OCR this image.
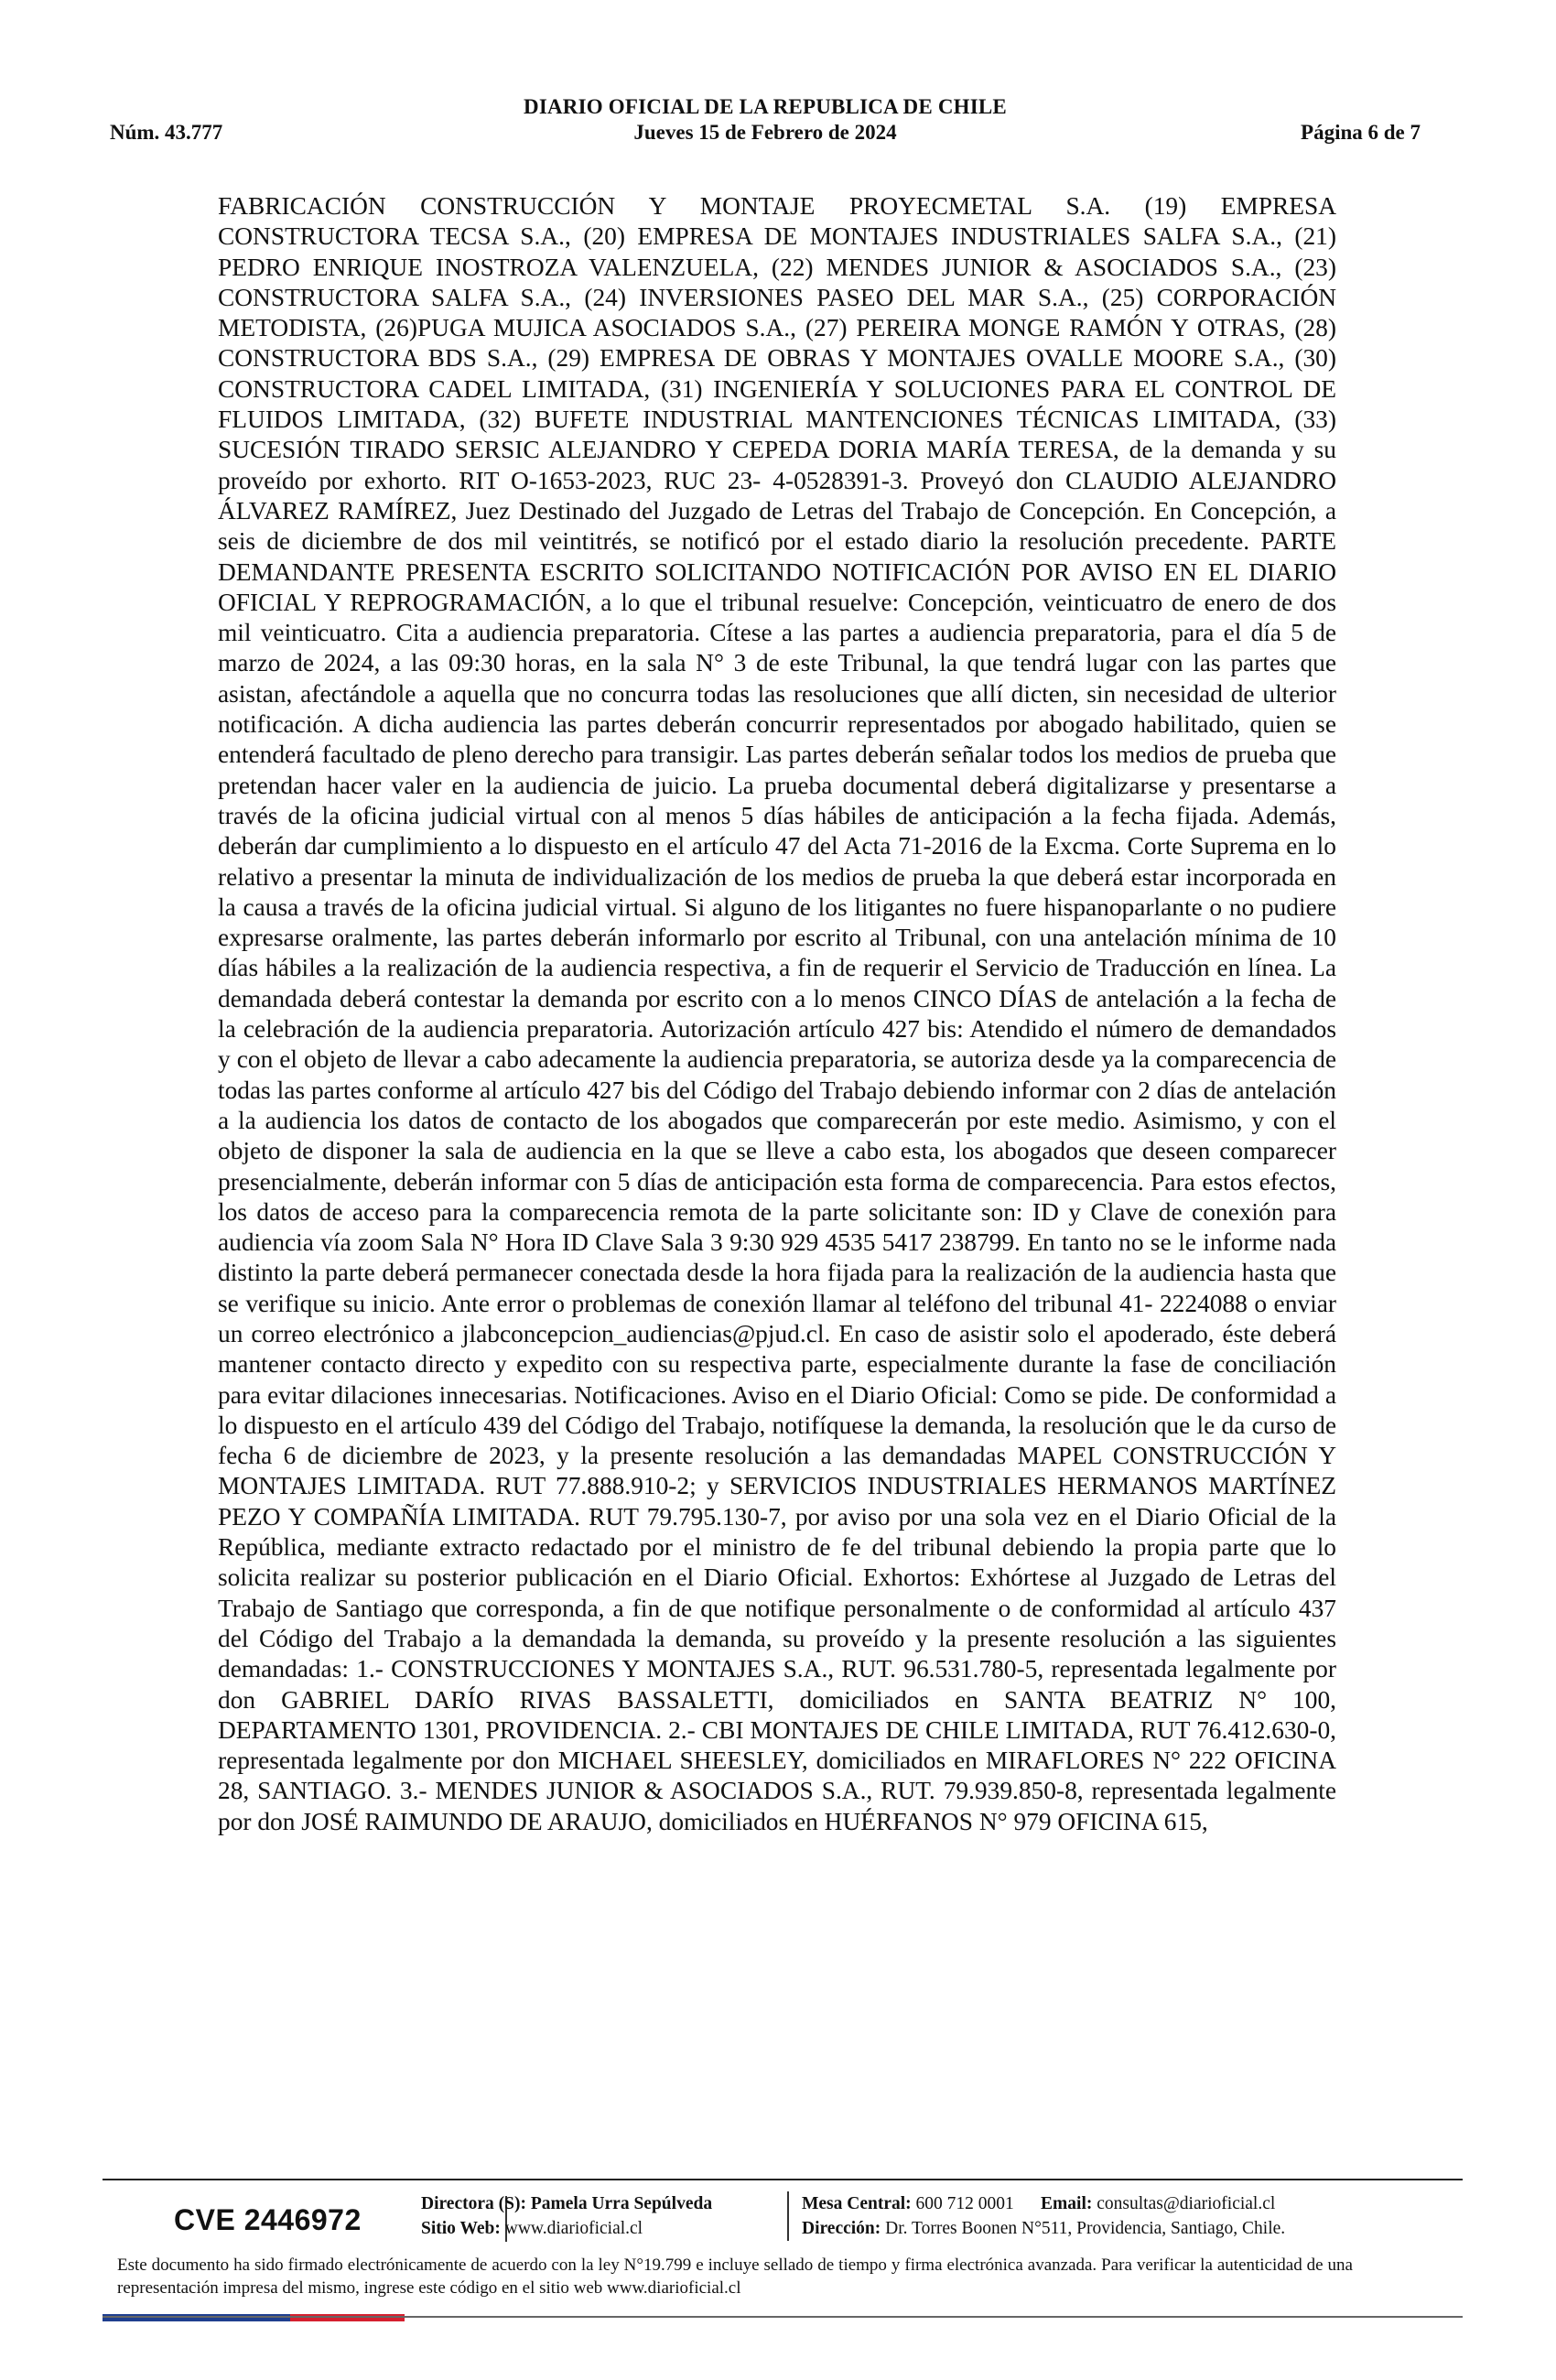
DIARIO OFICIAL DE LA REPUBLICA DE CHILE
Núm. 43.777	Jueves 15 de Febrero de 2024	Página 6 de 7

FABRICACIÓN CONSTRUCCIÓN Y MONTAJE PROYECMETAL S.A. (19) EMPRESA CONSTRUCTORA TECSA S.A., (20) EMPRESA DE MONTAJES INDUSTRIALES SALFA S.A., (21) PEDRO ENRIQUE INOSTROZA VALENZUELA, (22) MENDES JUNIOR & ASOCIADOS S.A., (23) CONSTRUCTORA SALFA S.A., (24) INVERSIONES PASEO DEL MAR S.A., (25) CORPORACIÓN METODISTA, (26)PUGA MUJICA ASOCIADOS S.A., (27) PEREIRA MONGE RAMÓN Y OTRAS, (28) CONSTRUCTORA BDS S.A., (29) EMPRESA DE OBRAS Y MONTAJES OVALLE MOORE S.A., (30) CONSTRUCTORA CADEL LIMITADA, (31) INGENIERÍA Y SOLUCIONES PARA EL CONTROL DE FLUIDOS LIMITADA, (32) BUFETE INDUSTRIAL MANTENCIONES TÉCNICAS LIMITADA, (33) SUCESIÓN TIRADO SERSIC ALEJANDRO Y CEPEDA DORIA MARÍA TERESA, de la demanda y su proveído por exhorto. RIT O-1653-2023, RUC 23- 4-0528391-3. Proveyó don CLAUDIO ALEJANDRO ÁLVAREZ RAMÍREZ, Juez Destinado del Juzgado de Letras del Trabajo de Concepción. En Concepción, a seis de diciembre de dos mil veintitrés, se notificó por el estado diario la resolución precedente. PARTE DEMANDANTE PRESENTA ESCRITO SOLICITANDO NOTIFICACIÓN POR AVISO EN EL DIARIO OFICIAL Y REPROGRAMACIÓN, a lo que el tribunal resuelve: Concepción, veinticuatro de enero de dos mil veinticuatro. Cita a audiencia preparatoria. Cítese a las partes a audiencia preparatoria, para el día 5 de marzo de 2024, a las 09:30 horas, en la sala N° 3 de este Tribunal, la que tendrá lugar con las partes que asistan, afectándole a aquella que no concurra todas las resoluciones que allí dicten, sin necesidad de ulterior notificación. A dicha audiencia las partes deberán concurrir representados por abogado habilitado, quien se entenderá facultado de pleno derecho para transigir. Las partes deberán señalar todos los medios de prueba que pretendan hacer valer en la audiencia de juicio. La prueba documental deberá digitalizarse y presentarse a través de la oficina judicial virtual con al menos 5 días hábiles de anticipación a la fecha fijada. Además, deberán dar cumplimiento a lo dispuesto en el artículo 47 del Acta 71-2016 de la Excma. Corte Suprema en lo relativo a presentar la minuta de individualización de los medios de prueba la que deberá estar incorporada en la causa a través de la oficina judicial virtual. Si alguno de los litigantes no fuere hispanoparlante o no pudiere expresarse oralmente, las partes deberán informarlo por escrito al Tribunal, con una antelación mínima de 10 días hábiles a la realización de la audiencia respectiva, a fin de requerir el Servicio de Traducción en línea. La demandada deberá contestar la demanda por escrito con a lo menos CINCO DÍAS de antelación a la fecha de la celebración de la audiencia preparatoria. Autorización artículo 427 bis: Atendido el número de demandados y con el objeto de llevar a cabo adecamente la audiencia preparatoria, se autoriza desde ya la comparecencia de todas las partes conforme al artículo 427 bis del Código del Trabajo debiendo informar con 2 días de antelación a la audiencia los datos de contacto de los abogados que comparecerán por este medio. Asimismo, y con el objeto de disponer la sala de audiencia en la que se lleve a cabo esta, los abogados que deseen comparecer presencialmente, deberán informar con 5 días de anticipación esta forma de comparecencia. Para estos efectos, los datos de acceso para la comparecencia remota de la parte solicitante son: ID y Clave de conexión para audiencia vía zoom Sala N° Hora ID Clave Sala 3 9:30 929 4535 5417 238799. En tanto no se le informe nada distinto la parte deberá permanecer conectada desde la hora fijada para la realización de la audiencia hasta que se verifique su inicio. Ante error o problemas de conexión llamar al teléfono del tribunal 41- 2224088 o enviar un correo electrónico a jlabconcepcion_audiencias@pjud.cl. En caso de asistir solo el apoderado, éste deberá mantener contacto directo y expedito con su respectiva parte, especialmente durante la fase de conciliación para evitar dilaciones innecesarias. Notificaciones. Aviso en el Diario Oficial: Como se pide. De conformidad a lo dispuesto en el artículo 439 del Código del Trabajo, notifíquese la demanda, la resolución que le da curso de fecha 6 de diciembre de 2023, y la presente resolución a las demandadas MAPEL CONSTRUCCIÓN Y MONTAJES LIMITADA. RUT 77.888.910-2; y SERVICIOS INDUSTRIALES HERMANOS MARTÍNEZ PEZO Y COMPAÑÍA LIMITADA. RUT 79.795.130-7, por aviso por una sola vez en el Diario Oficial de la República, mediante extracto redactado por el ministro de fe del tribunal debiendo la propia parte que lo solicita realizar su posterior publicación en el Diario Oficial. Exhortos: Exhórtese al Juzgado de Letras del Trabajo de Santiago que corresponda, a fin de que notifique personalmente o de conformidad al artículo 437 del Código del Trabajo a la demandada la demanda, su proveído y la presente resolución a las siguientes demandadas: 1.- CONSTRUCCIONES Y MONTAJES S.A., RUT. 96.531.780-5, representada legalmente por don GABRIEL DARÍO RIVAS BASSALETTI, domiciliados en SANTA BEATRIZ N° 100, DEPARTAMENTO 1301, PROVIDENCIA. 2.- CBI MONTAJES DE CHILE LIMITADA, RUT 76.412.630-0, representada legalmente por don MICHAEL SHEESLEY, domiciliados en MIRAFLORES N° 222 OFICINA 28, SANTIAGO. 3.- MENDES JUNIOR & ASOCIADOS S.A., RUT. 79.939.850-8, representada legalmente por don JOSÉ RAIMUNDO DE ARAUJO, domiciliados en HUÉRFANOS N° 979 OFICINA 615,

CVE 2446972	Directora (S): Pamela Urra Sepúlveda
Sitio Web: www.diarioficial.cl
Mesa Central: 600 712 0001 Email: consultas@diarioficial.cl
Dirección: Dr. Torres Boonen N°511, Providencia, Santiago, Chile.
Este documento ha sido firmado electrónicamente de acuerdo con la ley N°19.799 e incluye sellado de tiempo y firma electrónica avanzada. Para verificar la autenticidad de una representación impresa del mismo, ingrese este código en el sitio web www.diarioficial.cl
